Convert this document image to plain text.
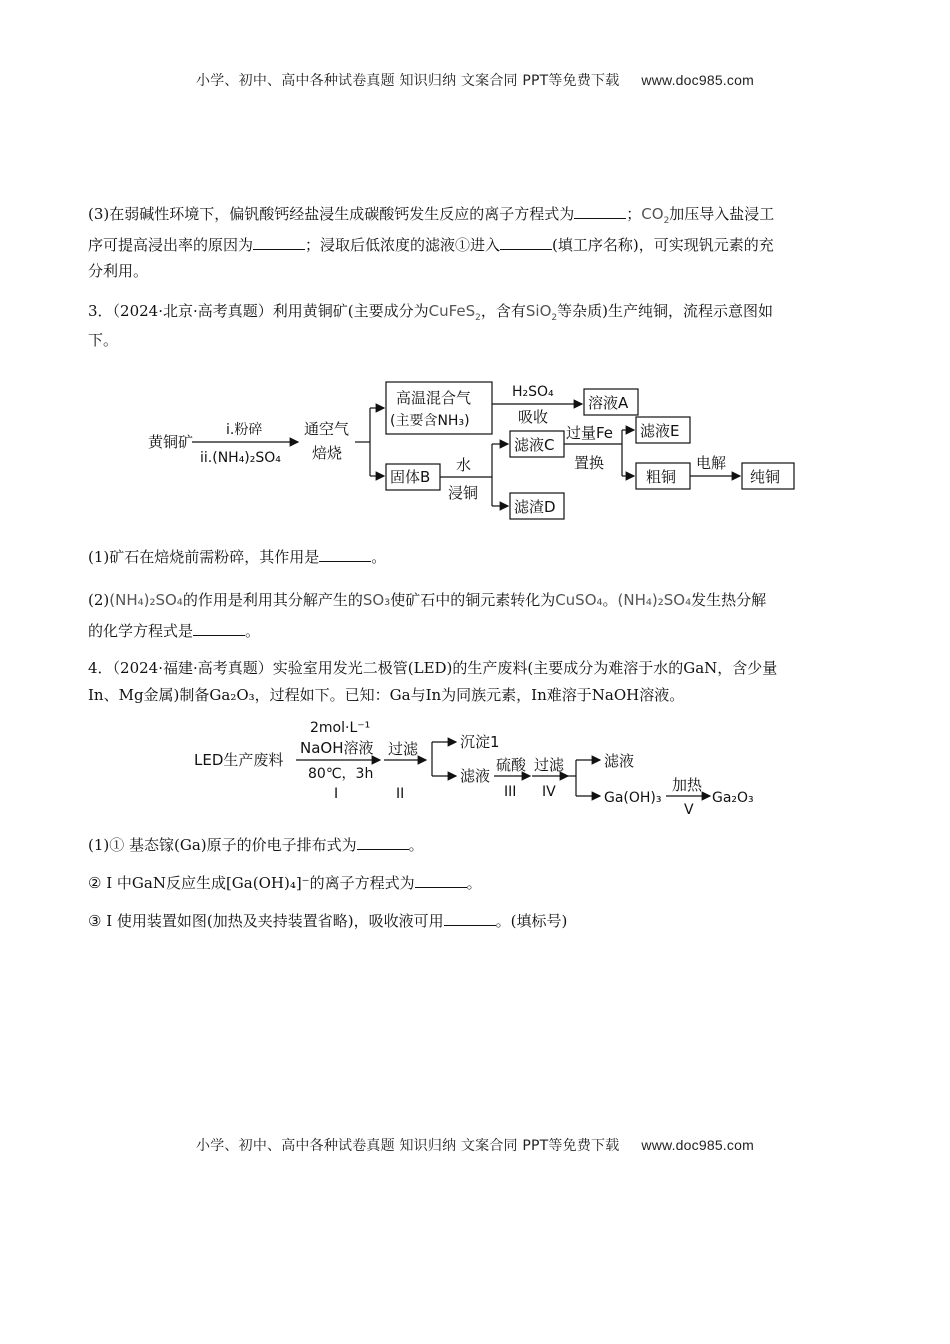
小学、初中、高中各种试卷真题 知识归纳 文案合同 PPT等免费下载 www.doc985.com
(3)在弱碱性环境下，偏钒酸钙经盐浸生成碳酸钙发生反应的离子方程式为	；$CO_2$加压导入盐浸工
序可提高浸出率的原因为	；浸取后低浓度的滤液①进入	(填工序名称)，可实现钒元素的充
分利用。
3．（2024·北京·高考真题）利用黄铜矿(主要成分为CuFeS$_2$，含有SiO$_2$等杂质)生产纯铜，流程示意图如
下。
黄铜矿
i.粉碎
ii.(NH₄)₂SO₄
通空气
焙烧
高温混合气
(主要含NH₃)
H₂SO₄
吸收
溶液A
固体B
水
浸铜
滤液C
滤渣D
过量Fe
置换
滤液E
粗铜
电解
纯铜
(1)矿石在焙烧前需粉碎，其作用是	。
(2)(NH₄)₂SO₄的作用是利用其分解产生的SO₃使矿石中的铜元素转化为CuSO₄。(NH₄)₂SO₄发生热分解
的化学方程式是	。
4．（2024·福建·高考真题）实验室用发光二极管(LED)的生产废料(主要成分为难溶于水的GaN，含少量
In、Mg金属)制备Ga₂O₃，过程如下。已知：Ga与In为同族元素，In难溶于NaOH溶液。
LED生产废料
2mol·L⁻¹
NaOH溶液
80℃，3h
I
过滤
II
沉淀1
滤液
硫酸
III
过滤
IV
滤液
Ga(OH)₃
加热
V
Ga₂O₃
(1)① 基态镓(Ga)原子的价电子排布式为	。
② I 中GaN反应生成[Ga(OH)₄]⁻的离子方程式为	。
③ I 使用装置如图(加热及夹持装置省略)，吸收液可用	。(填标号)
小学、初中、高中各种试卷真题 知识归纳 文案合同 PPT等免费下载 www.doc985.com
